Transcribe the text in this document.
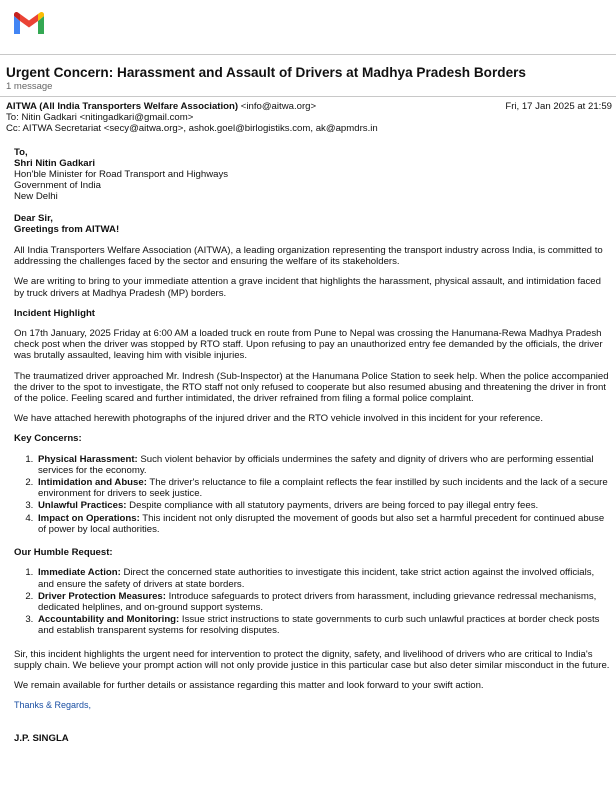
Urgent Concern: Harassment and Assault of Drivers at Madhya Pradesh Borders
1 message
AITWA (All India Transporters Welfare Association) <info@aitwa.org>
To: Nitin Gadkari <nitingadkari@gmail.com>
Cc: AITWA Secretariat <secy@aitwa.org>, ashok.goel@birlogistiks.com, ak@apmdrs.in
Fri, 17 Jan 2025 at 21:59
To,
Shri Nitin Gadkari
Hon'ble Minister for Road Transport and Highways
Government of India
New Delhi
Dear Sir,
Greetings from AITWA!

All India Transporters Welfare Association (AITWA), a leading organization representing the transport industry across India, is committed to addressing the challenges faced by the sector and ensuring the welfare of its stakeholders.

We are writing to bring to your immediate attention a grave incident that highlights the harassment, physical assault, and intimidation faced by truck drivers at Madhya Pradesh (MP) borders.

Incident Highlight

On 17th January, 2025 Friday at 6:00 AM a loaded truck en route from Pune to Nepal was crossing the Hanumana-Rewa Madhya Pradesh check post when the driver was stopped by RTO staff. Upon refusing to pay an unauthorized entry fee demanded by the officials, the driver was brutally assaulted, leaving him with visible injuries.

The traumatized driver approached Mr. Indresh (Sub-Inspector) at the Hanumana Police Station to seek help. When the police accompanied the driver to the spot to investigate, the RTO staff not only refused to cooperate but also resumed abusing and threatening the driver in front of the police. Feeling scared and further intimidated, the driver refrained from filing a formal police complaint.

We have attached herewith photographs of the injured driver and the RTO vehicle involved in this incident for your reference.

Key Concerns:
1. Physical Harassment: Such violent behavior by officials undermines the safety and dignity of drivers who are performing essential services for the economy.
2. Intimidation and Abuse: The driver's reluctance to file a complaint reflects the fear instilled by such incidents and the lack of a secure environment for drivers to seek justice.
3. Unlawful Practices: Despite compliance with all statutory payments, drivers are being forced to pay illegal entry fees.
4. Impact on Operations: This incident not only disrupted the movement of goods but also set a harmful precedent for continued abuse of power by local authorities.
Our Humble Request:
1. Immediate Action: Direct the concerned state authorities to investigate this incident, take strict action against the involved officials, and ensure the safety of drivers at state borders.
2. Driver Protection Measures: Introduce safeguards to protect drivers from harassment, including grievance redressal mechanisms, dedicated helplines, and on-ground support systems.
3. Accountability and Monitoring: Issue strict instructions to state governments to curb such unlawful practices at border check posts and establish transparent systems for resolving disputes.

Sir, this incident highlights the urgent need for intervention to protect the dignity, safety, and livelihood of drivers who are critical to India's supply chain. We believe your prompt action will not only provide justice in this particular case but also deter similar misconduct in the future.

We remain available for further details or assistance regarding this matter and look forward to your swift action.

Thanks & Regards,
J.P. SINGLA
